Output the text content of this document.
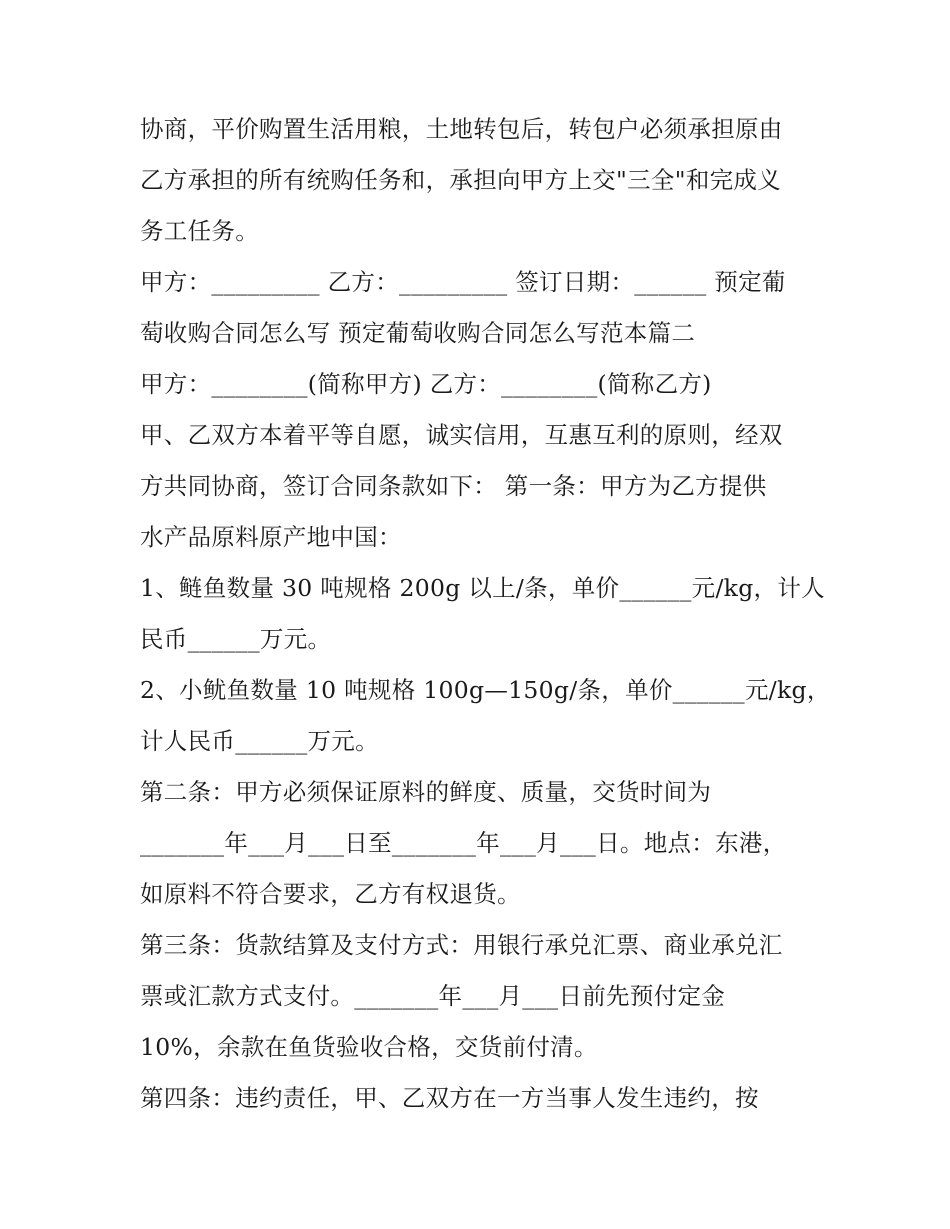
协商，平价购置生活用粮，土地转包后，转包户必须承担原由
乙方承担的所有统购任务和，承担向甲方上交"三全"和完成义
务工任务。
甲方：_________ 乙方：_________ 签订日期：______ 预定葡
萄收购合同怎么写 预定葡萄收购合同怎么写范本篇二
甲方：________(简称甲方) 乙方：________(简称乙方)
甲、乙双方本着平等自愿，诚实信用，互惠互利的原则，经双
方共同协商，签订合同条款如下： 第一条：甲方为乙方提供
水产品原料原产地中国：
1、鲢鱼数量 30 吨规格 200g 以上/条，单价______元/kg，计人
民币______万元。
2、小鱿鱼数量 10 吨规格 100g—150g/条，单价______元/kg，
计人民币______万元。
第二条：甲方必须保证原料的鲜度、质量，交货时间为
_______年___月___日至_______年___月___日。地点：东港，
如原料不符合要求，乙方有权退货。
第三条：货款结算及支付方式：用银行承兑汇票、商业承兑汇
票或汇款方式支付。_______年___月___日前先预付定金
10%，余款在鱼货验收合格，交货前付清。
第四条：违约责任，甲、乙双方在一方当事人发生违约，按
